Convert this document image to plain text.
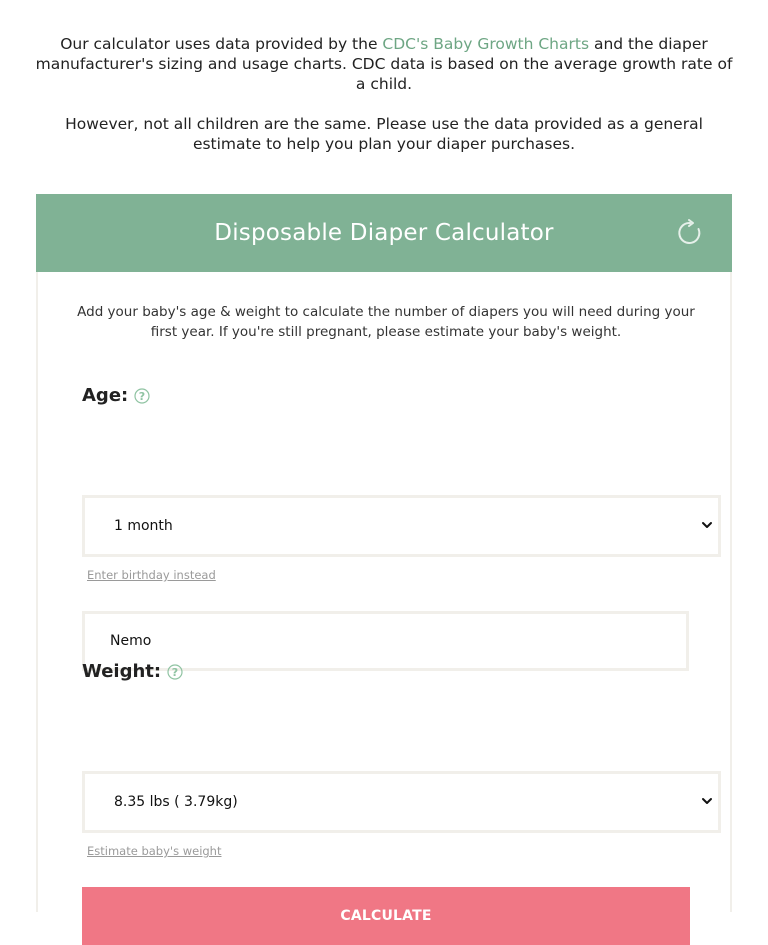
Our calculator uses data provided by the CDC's Baby Growth Charts and the diaper manufacturer's sizing and usage charts. CDC data is based on the average growth rate of a child.

However, not all children are the same. Please use the data provided as a general estimate to help you plan your diaper purchases.

Disposable Diaper Calculator

Add your baby's age & weight to calculate the number of diapers you will need during your first year. If you're still pregnant, please estimate your baby's weight.

Age: ?
1 month
Enter birthday instead
Nemo
Weight: ?
8.35 lbs ( 3.79kg)
Estimate baby's weight
CALCULATE
